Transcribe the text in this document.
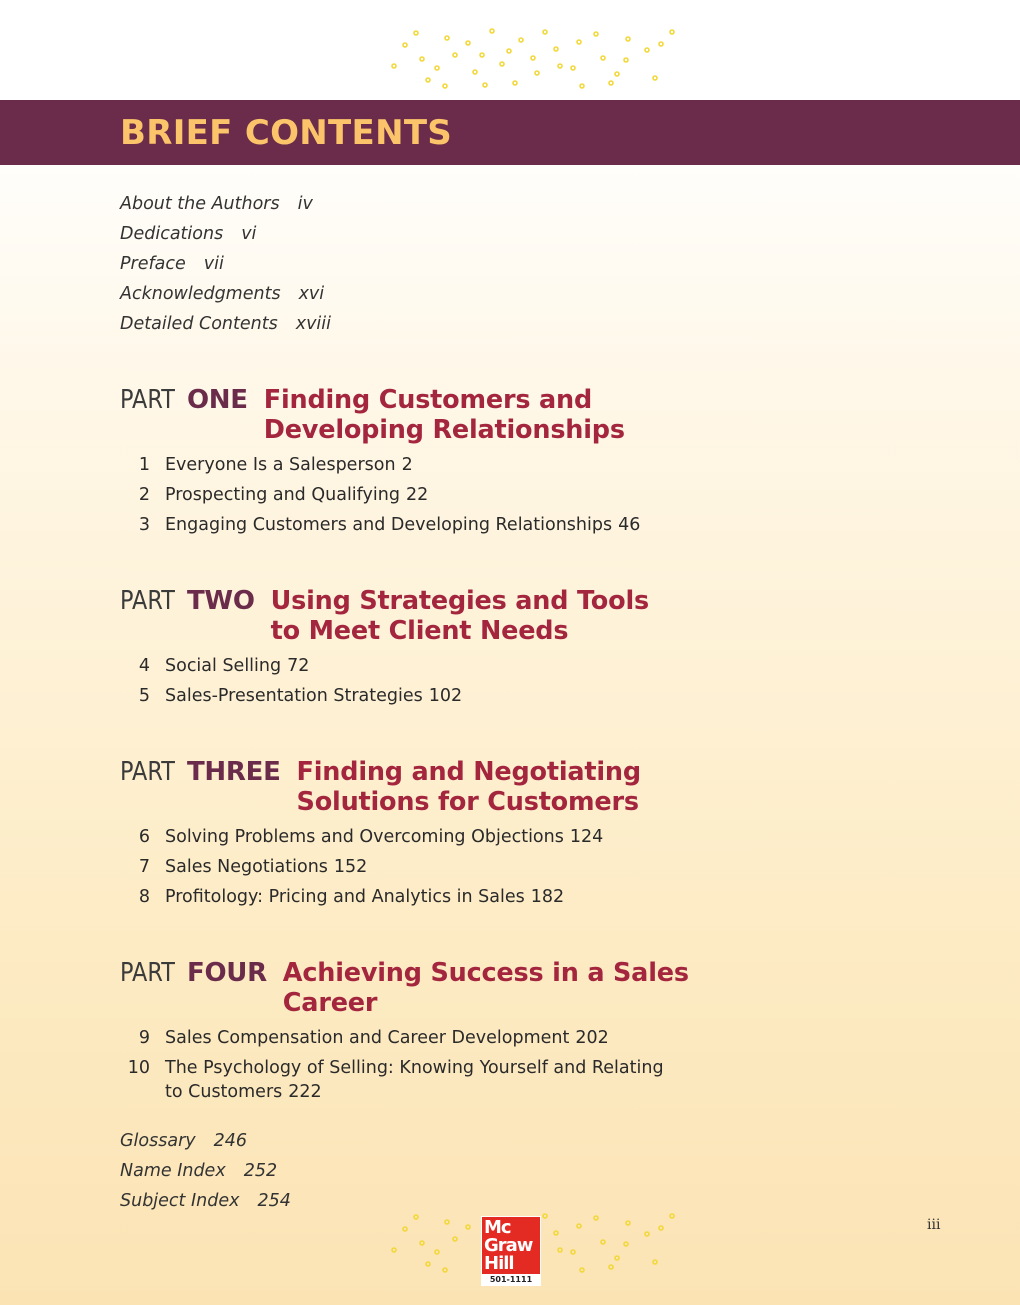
BRIEF CONTENTS
About the Authors iv
Dedications vi
Preface vii
Acknowledgments xvi
Detailed Contents xviii
PART ONE Finding Customers and
Developing Relationships
1 Everyone Is a Salesperson 2
2 Prospecting and Qualifying 22
3 Engaging Customers and Developing Relationships 46
PART TWO Using Strategies and Tools
to Meet Client Needs
4 Social Selling 72
5 Sales-Presentation Strategies 102
PART THREE Finding and Negotiating
Solutions for Customers
6 Solving Problems and Overcoming Objections 124
7 Sales Negotiations 152
8 Profitology: Pricing and Analytics in Sales 182
PART FOUR Achieving Success in a Sales
Career
9 Sales Compensation and Career Development 202
10 The Psychology of Selling: Knowing Yourself and Relating to Customers 222
Glossary 246
Name Index 252
Subject Index 254
Mc
Graw
Hill
501-1111
iii
